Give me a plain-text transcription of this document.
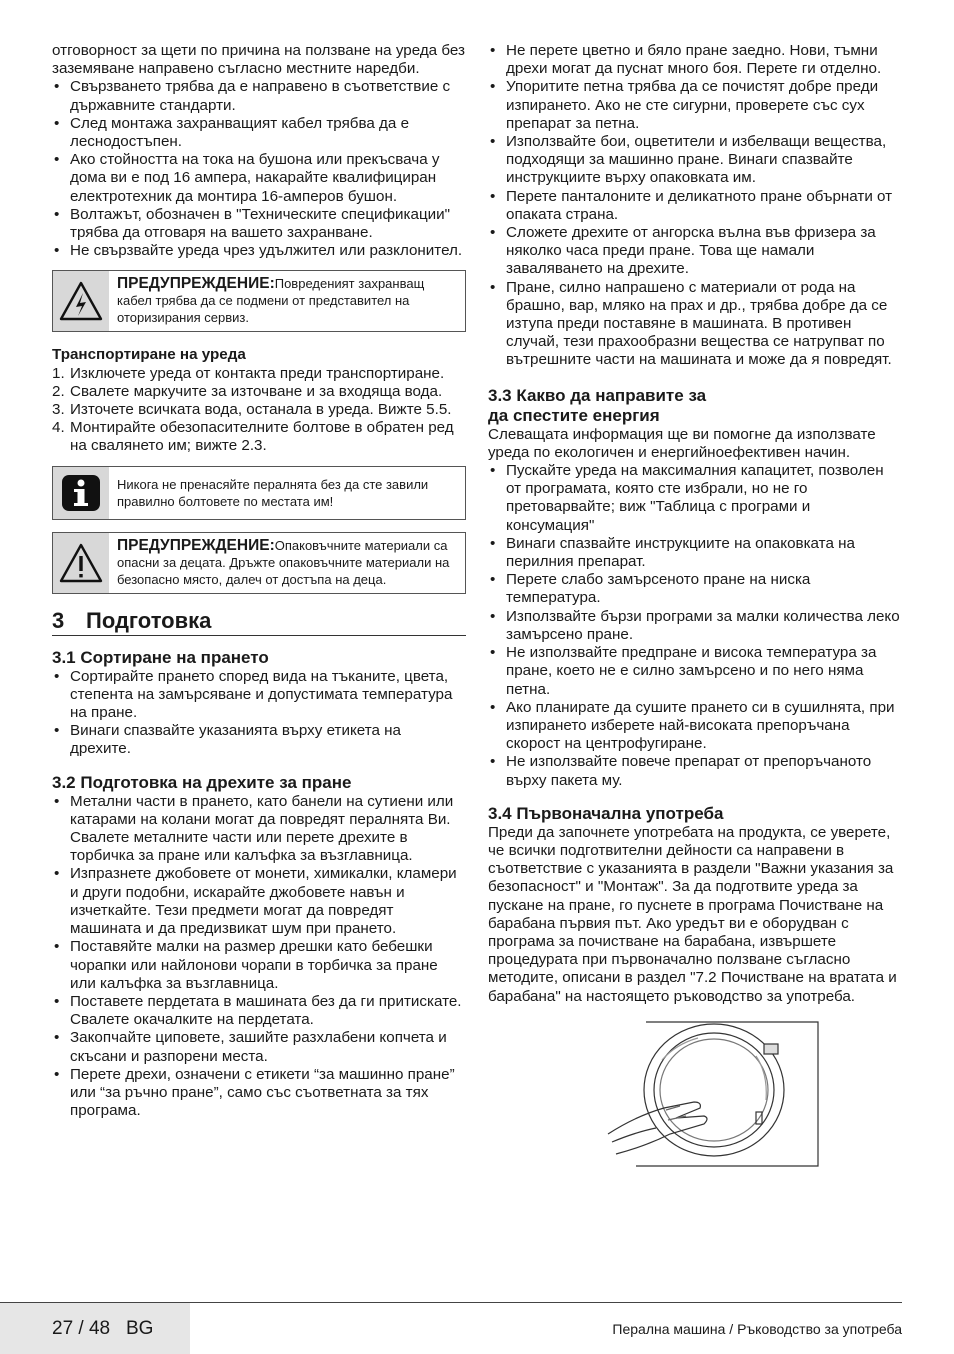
отговорност за щети по причина на ползване на уреда без заземяване направено съгласно местните наредби.

• Свързването трябва да е направено в съответствие с държавните стандарти.
• След монтажа захранващият кабел трябва да е леснодостъпен.
• Ако стойността на тока на бушона или прекъсвача у дома ви е под 16 ампера, накарайте квалифициран електротехник да монтира 16-амперов бушон.
• Волтажът, обозначен в "Техническите спецификации" трябва да отговаря на вашето захранване.
• Не свързвайте уреда чрез удължител или разклонител.
ПРЕДУПРЕЖДЕНИЕ:Повреденият захранващ кабел трябва да се подмени от представител на оторизирания сервиз.

Транспортиране на уреда

1. Изключете уреда от контакта преди транспортиране.
2. Свалете маркучите за източване и за входяща вода.
3. Източете всичката вода, останала в уреда. Вижте 5.5.
4. Монтирайте обезопасителните болтове в обратен ред на свалянето им; вижте 2.3.
Никога не пренасяйте пералнята без да сте завили правилно болтовете по местата им!
ПРЕДУПРЕЖДЕНИЕ:Опаковъчните материали са опасни за децата. Дръжте опаковъчните материали на безопасно място, далеч от достъпа на деца.
3 Подготовка

3.1 Сортиране на прането

• Сортирайте прането според вида на тъканите, цвета, степента на замърсяване и допустимата температура на пране.
• Винаги спазвайте указанията върху етикета на дрехите.

3.2 Подготовка на дрехите за пране

• Метални части в прането, като банели на сутиени или катарами на колани могат да повредят пералнята Ви. Свалете металните части или перете дрехите в торбичка за пране или калъфка за възглавница.
• Изпразнете джобовете от монети, химикалки, кламери и други подобни, искарайте джобовете навън и изчеткайте. Тези предмети могат да повредят машината и да предизвикат шум при прането.
• Поставяйте малки на размер дрешки като бебешки чорапки или найлонови чорапи в торбичка за пране или калъфка за възглавница.
• Поставете пердетата в машината без да ги притискате. Свалете окачалките на пердетата.
• Закопчайте циповете, зашийте разхлабени копчета и скъсани и разпорени места.
• Перете дрехи, означени с етикети “за машинно пране” или “за ръчно пране”, само със съответната за тях програма.
• Не перете цветно и бяло пране заедно. Нови, тъмни дрехи могат да пуснат много боя. Перете ги отделно.
• Упоритите петна трябва да се почистят добре преди изпирането. Ако не сте сигурни, проверете със сух препарат за петна.
• Използвайте бои, оцветители и избелващи вещества, подходящи за машинно пране. Винаги спазвайте инструкциите върху опаковката им.
• Перете панталоните и деликатното пране обърнати от опаката страна.
• Сложете дрехите от ангорска вълна във фризера за няколко часа преди пране. Това ще намали заваляването на дрехите.
• Пране, силно напрашено с материали от рода на брашно, вар, мляко на прах и др., трябва добре да се изтупа преди поставяне в машината. В противен случай, тези прахообразни вещества се натрупват по вътрешните части на машината и може да я повредят.

3.3 Какво да направите за
да спестите енергия

Слеващата информация ще ви помогне да използвате уреда по екологичен и енергийноефективен начин.

• Пускайте уреда на максималния капацитет, позволен от програмата, която сте избрали, но не го претоварвайте; виж "Таблица с програми и консумация"
• Винаги спазвайте инструкциите на опаковката на перилния препарат.
• Перете слабо замърсеното пране на ниска температура.
• Използвайте бързи програми за малки количества леко замърсено пране.
• Не използвайте предпране и висока температура за пране, което не е силно замърсено и по него няма петна.
• Ако планирате да сушите прането си в сушилнята, при изпирането изберете най-високата препоръчана скорост на центрофугиране.
• Не използвайте повече препарат от препоръчаното върху пакета му.

3.4 Първоначална употреба

Преди да започнете употребата на продукта, се уверете, че всички подготвителни дейности са направени в съответствие с указанията в раздели "Важни указания за безопасност" и "Монтаж". За да подготвите уреда за пускане на пране, го пуснете в програма Почистване на барабана първия път. Ако уредът ви е оборудван с програма за почистване на барабана, извършете процедурата при първоначално ползване съгласно методите, описани в раздел "7.2 Почистване на вратата и барабана" на настоящето ръководство за употреба.

27 / 48   BG	Перална машина / Ръководство за употреба
